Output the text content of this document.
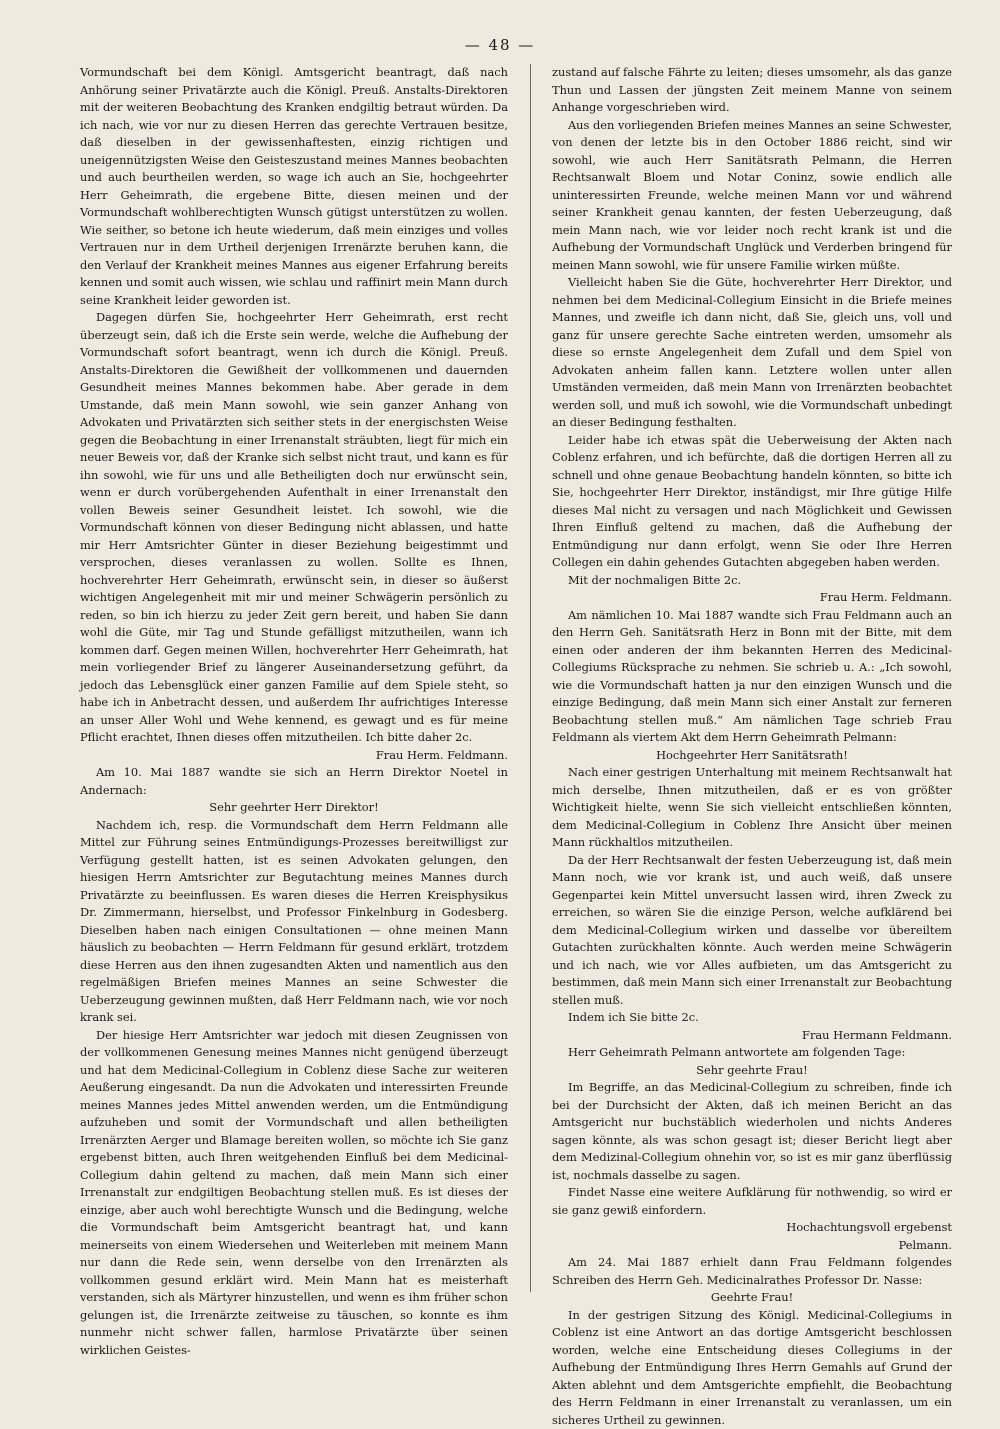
— 48 —

Vormundschaft bei dem Königl. Amtsgericht beantragt, daß nach Anhörung seiner Privatärzte auch die Königl. Preuß. Anstalts-Direktoren mit der weiteren Beobachtung des Kranken endgiltig betraut würden. Da ich nach, wie vor nur zu diesen Herren das gerechte Vertrauen besitze, daß dieselben in der gewissenhaftesten, einzig richtigen und uneigennützigsten Weise den Geisteszustand meines Mannes beobachten und auch beurtheilen werden, so wage ich auch an Sie, hochgeehrter Herr Geheimrath, die ergebene Bitte, diesen meinen und der Vormundschaft wohlberechtigten Wunsch gütigst unterstützen zu wollen. Wie seither, so betone ich heute wiederum, daß mein einziges und volles Vertrauen nur in dem Urtheil derjenigen Irrenärzte beruhen kann, die den Verlauf der Krankheit meines Mannes aus eigener Erfahrung bereits kennen und somit auch wissen, wie schlau und raffinirt mein Mann durch seine Krankheit leider geworden ist.

Dagegen dürfen Sie, hochgeehrter Herr Geheimrath, erst recht überzeugt sein, daß ich die Erste sein werde, welche die Aufhebung der Vormundschaft sofort beantragt, wenn ich durch die Königl. Preuß. Anstalts-Direktoren die Gewißheit der vollkommenen und dauernden Gesundheit meines Mannes bekommen habe. Aber gerade in dem Umstande, daß mein Mann sowohl, wie sein ganzer Anhang von Advokaten und Privatärzten sich seither stets in der energischsten Weise gegen die Beobachtung in einer Irrenanstalt sträubten, liegt für mich ein neuer Beweis vor, daß der Kranke sich selbst nicht traut, und kann es für ihn sowohl, wie für uns und alle Betheiligten doch nur erwünscht sein, wenn er durch vorübergehenden Aufenthalt in einer Irrenanstalt den vollen Beweis seiner Gesundheit leistet. Ich sowohl, wie die Vormundschaft können von dieser Bedingung nicht ablassen, und hatte mir Herr Amtsrichter Günter in dieser Beziehung beigestimmt und versprochen, dieses veranlassen zu wollen. Sollte es Ihnen, hochverehrter Herr Geheimrath, erwünscht sein, in dieser so äußerst wichtigen Angelegenheit mit mir und meiner Schwägerin persönlich zu reden, so bin ich hierzu zu jeder Zeit gern bereit, und haben Sie dann wohl die Güte, mir Tag und Stunde gefälligst mitzutheilen, wann ich kommen darf. Gegen meinen Willen, hochverehrter Herr Geheimrath, hat mein vorliegender Brief zu längerer Auseinandersetzung geführt, da jedoch das Lebensglück einer ganzen Familie auf dem Spiele steht, so habe ich in Anbetracht dessen, und außerdem Ihr aufrichtiges Interesse an unser Aller Wohl und Wehe kennend, es gewagt und es für meine Pflicht erachtet, Ihnen dieses offen mitzutheilen. Ich bitte daher 2c.

Frau Herm. Feldmann.

Am 10. Mai 1887 wandte sie sich an Herrn Direktor Noetel in Andernach:

Sehr geehrter Herr Direktor!

Nachdem ich, resp. die Vormundschaft dem Herrn Feldmann alle Mittel zur Führung seines Entmündigungs-Prozesses bereitwilligst zur Verfügung gestellt hatten, ist es seinen Advokaten gelungen, den hiesigen Herrn Amtsrichter zur Begutachtung meines Mannes durch Privatärzte zu beeinflussen. Es waren dieses die Herren Kreisphysikus Dr. Zimmermann, hierselbst, und Professor Finkelnburg in Godesberg. Dieselben haben nach einigen Consultationen — ohne meinen Mann häuslich zu beobachten — Herrn Feldmann für gesund erklärt, trotzdem diese Herren aus den ihnen zugesandten Akten und namentlich aus den regelmäßigen Briefen meines Mannes an seine Schwester die Ueberzeugung gewinnen mußten, daß Herr Feldmann nach, wie vor noch krank sei.

Der hiesige Herr Amtsrichter war jedoch mit diesen Zeugnissen von der vollkommenen Genesung meines Mannes nicht genügend überzeugt und hat dem Medicinal-Collegium in Coblenz diese Sache zur weiteren Aeußerung eingesandt. Da nun die Advokaten und interessirten Freunde meines Mannes jedes Mittel anwenden werden, um die Entmündigung aufzuheben und somit der Vormundschaft und allen betheiligten Irrenärzten Aerger und Blamage bereiten wollen, so möchte ich Sie ganz ergebenst bitten, auch Ihren weitgehenden Einfluß bei dem Medicinal-Collegium dahin geltend zu machen, daß mein Mann sich einer Irrenanstalt zur endgiltigen Beobachtung stellen muß. Es ist dieses der einzige, aber auch wohl berechtigte Wunsch und die Bedingung, welche die Vormundschaft beim Amtsgericht beantragt hat, und kann meinerseits von einem Wiedersehen und Weiterleben mit meinem Mann nur dann die Rede sein, wenn derselbe von den Irrenärzten als vollkommen gesund erklärt wird. Mein Mann hat es meisterhaft verstanden, sich als Märtyrer hinzustellen, und wenn es ihm früher schon gelungen ist, die Irrenärzte zeitweise zu täuschen, so konnte es ihm nunmehr nicht schwer fallen, harmlose Privatärzte über seinen wirklichen Geistes-

zustand auf falsche Fährte zu leiten; dieses umsomehr, als das ganze Thun und Lassen der jüngsten Zeit meinem Manne von seinem Anhange vorgeschrieben wird.

Aus den vorliegenden Briefen meines Mannes an seine Schwester, von denen der letzte bis in den October 1886 reicht, sind wir sowohl, wie auch Herr Sanitätsrath Pelmann, die Herren Rechtsanwalt Bloem und Notar Coninz, sowie endlich alle uninteressirten Freunde, welche meinen Mann vor und während seiner Krankheit genau kannten, der festen Ueberzeugung, daß mein Mann nach, wie vor leider noch recht krank ist und die Aufhebung der Vormundschaft Unglück und Verderben bringend für meinen Mann sowohl, wie für unsere Familie wirken müßte.

Vielleicht haben Sie die Güte, hochverehrter Herr Direktor, und nehmen bei dem Medicinal-Collegium Einsicht in die Briefe meines Mannes, und zweifle ich dann nicht, daß Sie, gleich uns, voll und ganz für unsere gerechte Sache eintreten werden, umsomehr als diese so ernste Angelegenheit dem Zufall und dem Spiel von Advokaten anheim fallen kann. Letztere wollen unter allen Umständen vermeiden, daß mein Mann von Irrenärzten beobachtet werden soll, und muß ich sowohl, wie die Vormundschaft unbedingt an dieser Bedingung festhalten.

Leider habe ich etwas spät die Ueberweisung der Akten nach Coblenz erfahren, und ich befürchte, daß die dortigen Herren all zu schnell und ohne genaue Beobachtung handeln könnten, so bitte ich Sie, hochgeehrter Herr Direktor, inständigst, mir Ihre gütige Hilfe dieses Mal nicht zu versagen und nach Möglichkeit und Gewissen Ihren Einfluß geltend zu machen, daß die Aufhebung der Entmündigung nur dann erfolgt, wenn Sie oder Ihre Herren Collegen ein dahin gehendes Gutachten abgegeben haben werden.

Mit der nochmaligen Bitte 2c.

Frau Herm. Feldmann.

Am nämlichen 10. Mai 1887 wandte sich Frau Feldmann auch an den Herrn Geh. Sanitätsrath Herz in Bonn mit der Bitte, mit dem einen oder anderen der ihm bekannten Herren des Medicinal-Collegiums Rücksprache zu nehmen. Sie schrieb u. A.: „Ich sowohl, wie die Vormundschaft hatten ja nur den einzigen Wunsch und die einzige Bedingung, daß mein Mann sich einer Anstalt zur ferneren Beobachtung stellen muß.“ Am nämlichen Tage schrieb Frau Feldmann als viertem Akt dem Herrn Geheimrath Pelmann:

Hochgeehrter Herr Sanitätsrath!

Nach einer gestrigen Unterhaltung mit meinem Rechtsanwalt hat mich derselbe, Ihnen mitzutheilen, daß er es von größter Wichtigkeit hielte, wenn Sie sich vielleicht entschließen könnten, dem Medicinal-Collegium in Coblenz Ihre Ansicht über meinen Mann rückhaltlos mitzutheilen.

Da der Herr Rechtsanwalt der festen Ueberzeugung ist, daß mein Mann noch, wie vor krank ist, und auch weiß, daß unsere Gegenpartei kein Mittel unversucht lassen wird, ihren Zweck zu erreichen, so wären Sie die einzige Person, welche aufklärend bei dem Medicinal-Collegium wirken und dasselbe vor übereiltem Gutachten zurückhalten könnte. Auch werden meine Schwägerin und ich nach, wie vor Alles aufbieten, um das Amtsgericht zu bestimmen, daß mein Mann sich einer Irrenanstalt zur Beobachtung stellen muß.

Indem ich Sie bitte 2c.

Frau Hermann Feldmann.

Herr Geheimrath Pelmann antwortete am folgenden Tage:

Sehr geehrte Frau!

Im Begriffe, an das Medicinal-Collegium zu schreiben, finde ich bei der Durchsicht der Akten, daß ich meinen Bericht an das Amtsgericht nur buchstäblich wiederholen und nichts Anderes sagen könnte, als was schon gesagt ist; dieser Bericht liegt aber dem Medizinal-Collegium ohnehin vor, so ist es mir ganz überflüssig ist, nochmals dasselbe zu sagen.

Findet Nasse eine weitere Aufklärung für nothwendig, so wird er sie ganz gewiß einfordern.

Hochachtungsvoll ergebenst

Pelmann.

Am 24. Mai 1887 erhielt dann Frau Feldmann folgendes Schreiben des Herrn Geh. Medicinalrathes Professor Dr. Nasse:

Geehrte Frau!

In der gestrigen Sitzung des Königl. Medicinal-Collegiums in Coblenz ist eine Antwort an das dortige Amtsgericht beschlossen worden, welche eine Entscheidung dieses Collegiums in der Aufhebung der Entmündigung Ihres Herrn Gemahls auf Grund der Akten ablehnt und dem Amtsgerichte empfiehlt, die Beobachtung des Herrn Feldmann in einer Irrenanstalt zu veranlassen, um ein sicheres Urtheil zu gewinnen.
